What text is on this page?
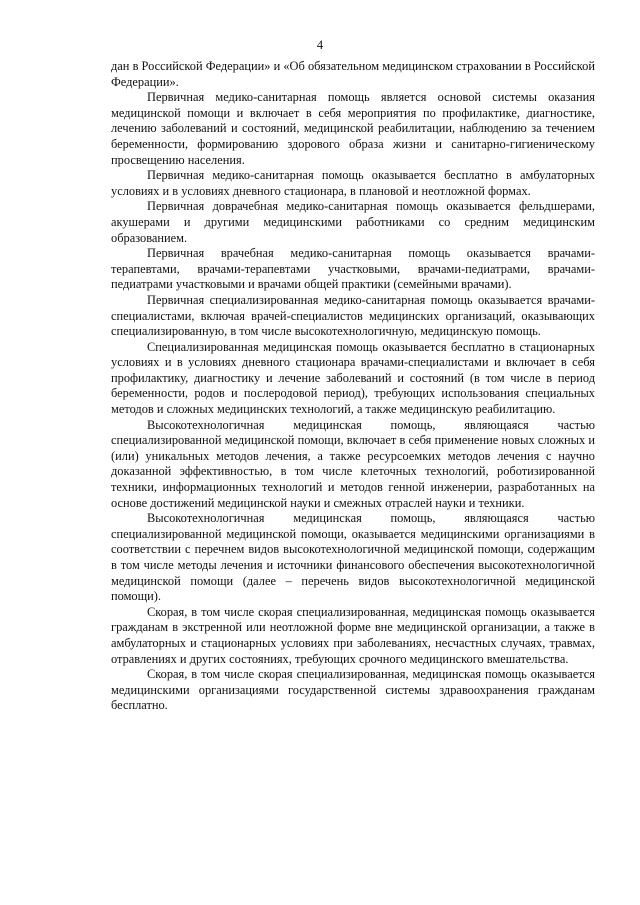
4

дан в Российской Федерации» и «Об обязательном медицинском страховании в Российской Федерации».

Первичная медико-санитарная помощь является основой системы оказания медицинской помощи и включает в себя мероприятия по профилактике, диагностике, лечению заболеваний и состояний, медицинской реабилитации, наблюдению за течением беременности, формированию здорового образа жизни и санитарно-гигиеническому просвещению населения.

Первичная медико-санитарная помощь оказывается бесплатно в амбулаторных условиях и в условиях дневного стационара, в плановой и неотложной формах.

Первичная доврачебная медико-санитарная помощь оказывается фельдшерами, акушерами и другими медицинскими работниками со средним медицинским образованием.

Первичная врачебная медико-санитарная помощь оказывается врачами-терапевтами, врачами-терапевтами участковыми, врачами-педиатрами, врачами-педиатрами участковыми и врачами общей практики (семейными врачами).

Первичная специализированная медико-санитарная помощь оказывается врачами-специалистами, включая врачей-специалистов медицинских организаций, оказывающих специализированную, в том числе высокотехнологичную, медицинскую помощь.

Специализированная медицинская помощь оказывается бесплатно в стационарных условиях и в условиях дневного стационара врачами-специалистами и включает в себя профилактику, диагностику и лечение заболеваний и состояний (в том числе в период беременности, родов и послеродовой период), требующих использования специальных методов и сложных медицинских технологий, а также медицинскую реабилитацию.

Высокотехнологичная медицинская помощь, являющаяся частью специализированной медицинской помощи, включает в себя применение новых сложных и (или) уникальных методов лечения, а также ресурсоемких методов лечения с научно доказанной эффективностью, в том числе клеточных технологий, роботизированной техники, информационных технологий и методов генной инженерии, разработанных на основе достижений медицинской науки и смежных отраслей науки и техники.

Высокотехнологичная медицинская помощь, являющаяся частью специализированной медицинской помощи, оказывается медицинскими организациями в соответствии с перечнем видов высокотехнологичной медицинской помощи, содержащим в том числе методы лечения и источники финансового обеспечения высокотехнологичной медицинской помощи (далее – перечень видов высокотехнологичной медицинской помощи).

Скорая, в том числе скорая специализированная, медицинская помощь оказывается гражданам в экстренной или неотложной форме вне медицинской организации, а также в амбулаторных и стационарных условиях при заболеваниях, несчастных случаях, травмах, отравлениях и других состояниях, требующих срочного медицинского вмешательства.

Скорая, в том числе скорая специализированная, медицинская помощь оказывается медицинскими организациями государственной системы здравоохранения гражданам бесплатно.
